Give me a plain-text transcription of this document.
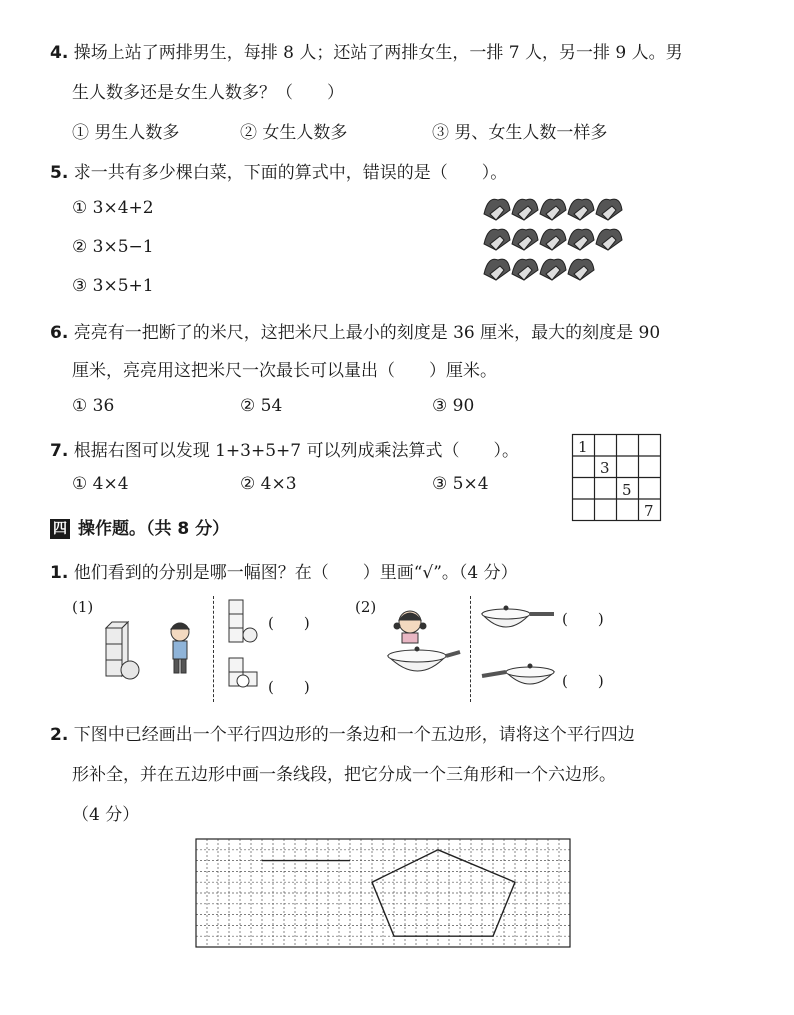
4. 操场上站了两排男生，每排 8 人；还站了两排女生，一排 7 人，另一排 9 人。男
生人数多还是女生人数多？（　　）
① 男生人数多	② 女生人数多	③ 男、女生人数一样多
5. 求一共有多少棵白菜，下面的算式中，错误的是（　　）。
① 3×4+2
② 3×5−1
③ 3×5+1
6. 亮亮有一把断了的米尺，这把米尺上最小的刻度是 36 厘米，最大的刻度是 90
厘米，亮亮用这把米尺一次最长可以量出（　　）厘米。
① 36	② 54	③ 90
7. 根据右图可以发现 1+3+5+7 可以列成乘法算式（　　）。
① 4×4	② 4×3	③ 5×4
1
3
5
7
四 操作题。（共 8 分）
1. 他们看到的分别是哪一幅图？在（　　）里画“√”。（4 分）
(1)	(2)
(　　)
(　　)
(　　)
(　　)
2. 下图中已经画出一个平行四边形的一条边和一个五边形，请将这个平行四边
形补全，并在五边形中画一条线段，把它分成一个三角形和一个六边形。
（4 分）
